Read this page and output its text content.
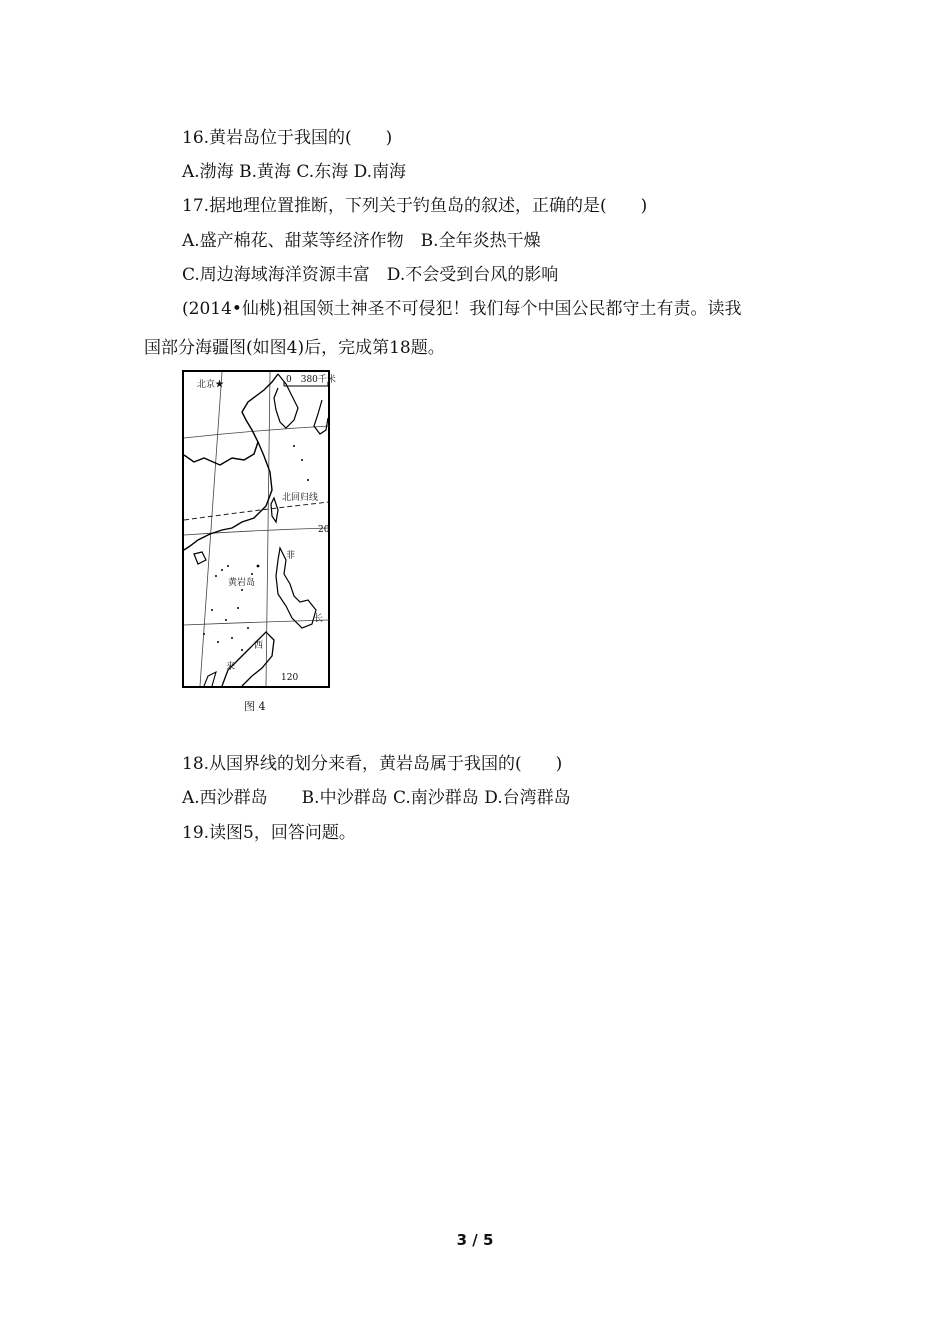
16.黄岩岛位于我国的(　　)
A.渤海 B.黄海 C.东海 D.南海
17.据地理位置推断，下列关于钓鱼岛的叙述，正确的是(　　)
A.盛产棉花、甜菜等经济作物　B.全年炎热干燥
C.周边海域海洋资源丰富　D.不会受到台风的影响
(2014•仙桃)祖国领土神圣不可侵犯！我们每个中国公民都守土有责。读我
国部分海疆图(如图4)后，完成第18题。
北京★	0　380千米
北回归线
20
菲
黄岩岛
西
来
120
长
图 4
18.从国界线的划分来看，黄岩岛属于我国的(　　)
A.西沙群岛　　B.中沙群岛 C.南沙群岛 D.台湾群岛
19.读图5，回答问题。
3 / 5
